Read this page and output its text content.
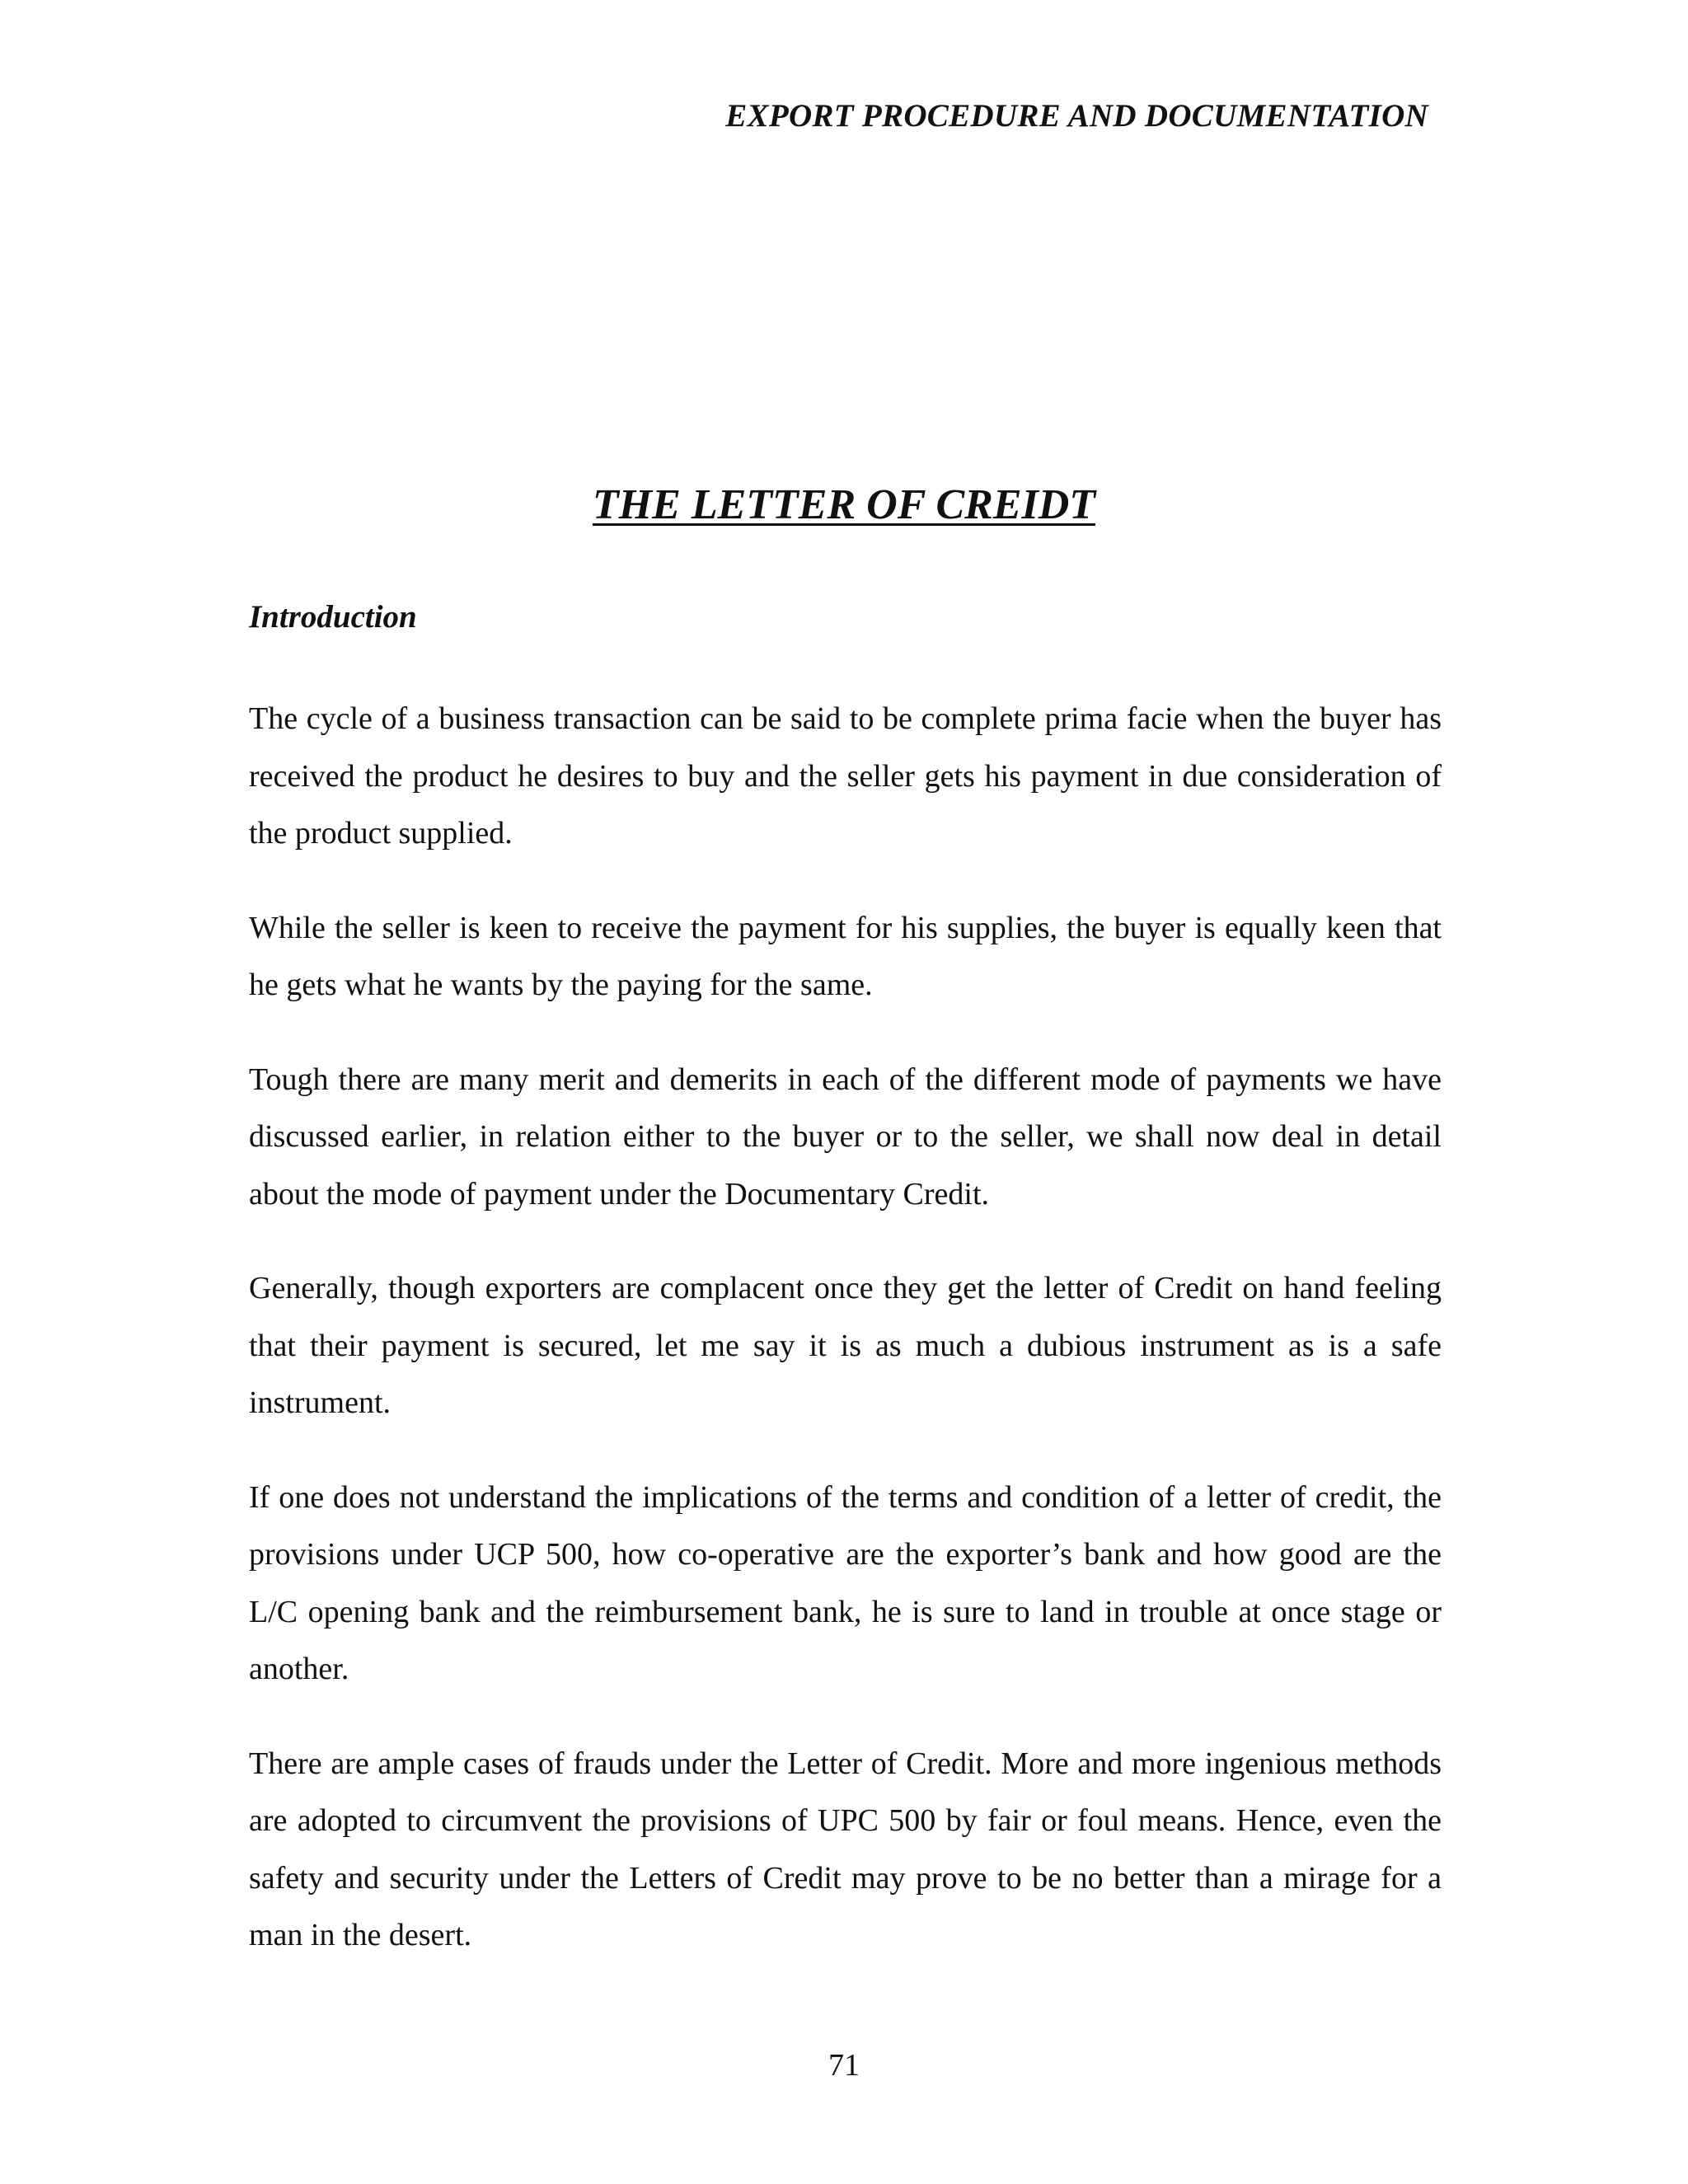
EXPORT PROCEDURE AND DOCUMENTATION
THE LETTER OF CREIDT
Introduction

The cycle of a business transaction can be said to be complete prima facie when the buyer has received the product he desires to buy and the seller gets his payment in due consideration of the product supplied.

While the seller is keen to receive the payment for his supplies, the buyer is equally keen that he gets what he wants by the paying for the same.

Tough there are many merit and demerits in each of the different mode of payments we have discussed earlier, in relation either to the buyer or to the seller, we shall now deal in detail about the mode of payment under the Documentary Credit.

Generally, though exporters are complacent once they get the letter of Credit on hand feeling that their payment is secured, let me say it is as much a dubious instrument as is a safe instrument.

If one does not understand the implications of the terms and condition of a letter of credit, the provisions under UCP 500, how co-operative are the exporter’s bank and how good are the L/C opening bank and the reimbursement bank, he is sure to land in trouble at once stage or another.

There are ample cases of frauds under the Letter of Credit. More and more ingenious methods are adopted to circumvent the provisions of UPC 500 by fair or foul means. Hence, even the safety and security under the Letters of Credit may prove to be no better than a mirage for a man in the desert.

71
